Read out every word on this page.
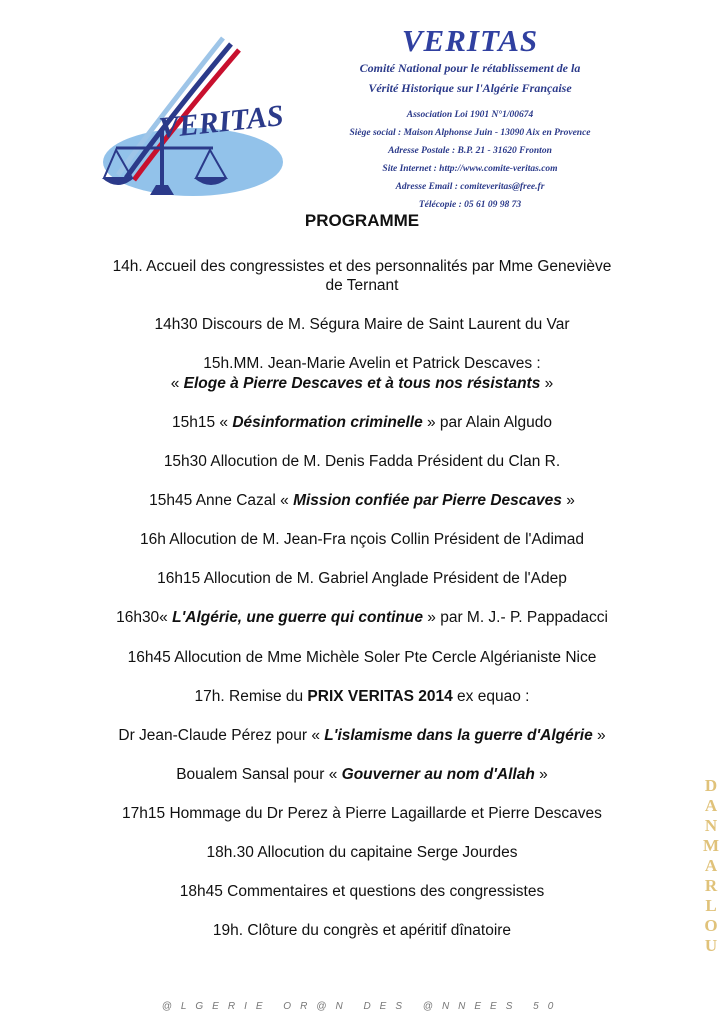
VERITAS
VERITAS
Comité National pour le rétablissement de la
Vérité Historique sur l'Algérie Française
Association Loi 1901 N°1/00674
Siège social : Maison Alphonse Juin - 13090 Aix en Provence
Adresse Postale : B.P. 21 - 31620 Fronton
Site Internet : http://www.comite-veritas.com
Adresse Email : comiteveritas@free.fr
Télécopie : 05 61 09 98 73
PROGRAMME
14h. Accueil des congressistes et des personnalités par Mme Geneviève
de Ternant
14h30 Discours de M. Ségura Maire de Saint Laurent du Var
15h.MM. Jean-Marie Avelin et Patrick Descaves :
« Eloge à Pierre Descaves et à tous nos résistants »
15h15 « Désinformation criminelle » par Alain Algudo
15h30 Allocution de M. Denis Fadda Président du Clan R.
15h45 Anne Cazal « Mission confiée par Pierre Descaves »
16h Allocution de M. Jean-Fra nçois Collin Président de l'Adimad
16h15 Allocution de M. Gabriel Anglade Président de l'Adep
16h30« L'Algérie, une guerre qui continue » par M. J.- P. Pappadacci
16h45 Allocution de Mme Michèle Soler Pte Cercle Algérianiste Nice
17h. Remise du PRIX VERITAS 2014 ex equao :
Dr Jean-Claude Pérez pour « L'islamisme dans la guerre d'Algérie »
Boualem Sansal pour « Gouverner au nom d'Allah »
17h15 Hommage du Dr Perez à Pierre Lagaillarde et Pierre Descaves
18h.30 Allocution du capitaine Serge Jourdes
18h45 Commentaires et questions des congressistes
19h. Clôture du congrès et apéritif dînatoire
D
A
N
M
A
R
L
O
U
@LGERIE OR@N DES @NNEES 50
